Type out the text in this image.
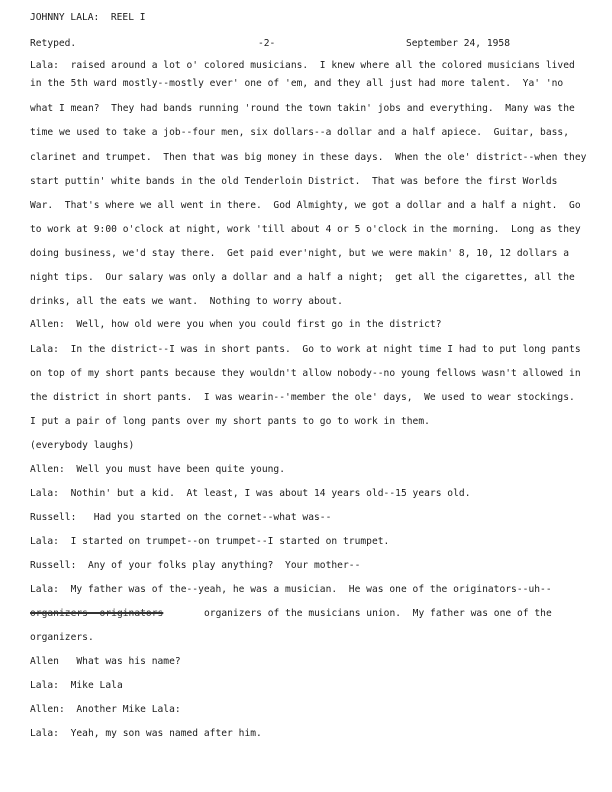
JOHNNY LALA:  REEL I
Retyped.	-2-	September 24, 1958
Lala:  raised around a lot o' colored musicians.  I knew where all the colored musicians lived
in the 5th ward mostly--mostly ever' one of 'em, and they all just had more talent.  Ya' 'no
what I mean?  They had bands running 'round the town takin' jobs and everything.  Many was the
time we used to take a job--four men, six dollars--a dollar and a half apiece.  Guitar, bass,
clarinet and trumpet.  Then that was big money in these days.  When the ole' district--when they
start puttin' white bands in the old Tenderloin District.  That was before the first Worlds
War.  That's where we all went in there.  God Almighty, we got a dollar and a half a night.  Go
to work at 9:00 o'clock at night, work 'till about 4 or 5 o'clock in the morning.  Long as they
doing business, we'd stay there.  Get paid ever'night, but we were makin' 8, 10, 12 dollars a
night tips.  Our salary was only a dollar and a half a night;  get all the cigarettes, all the
drinks, all the eats we want.  Nothing to worry about.
Allen:  Well, how old were you when you could first go in the district?
Lala:  In the district--I was in short pants.  Go to work at night time I had to put long pants
on top of my short pants because they wouldn't allow nobody--no young fellows wasn't allowed in
the district in short pants.  I was wearin--'member the ole' days,  We used to wear stockings.
I put a pair of long pants over my short pants to go to work in them.
(everybody laughs)
Allen:  Well you must have been quite young.
Lala:  Nothin' but a kid.  At least, I was about 14 years old--15 years old.
Russell:   Had you started on the cornet--what was--
Lala:  I started on trumpet--on trumpet--I started on trumpet.
Russell:  Any of your folks play anything?  Your mother--
Lala:  My father was of the--yeah, he was a musician.  He was one of the originators--uh--
organizers--originators	organizers of the musicians union.  My father was one of the
organizers.
Allen   What was his name?
Lala:  Mike Lala
Allen:  Another Mike Lala:
Lala:  Yeah, my son was named after him.
